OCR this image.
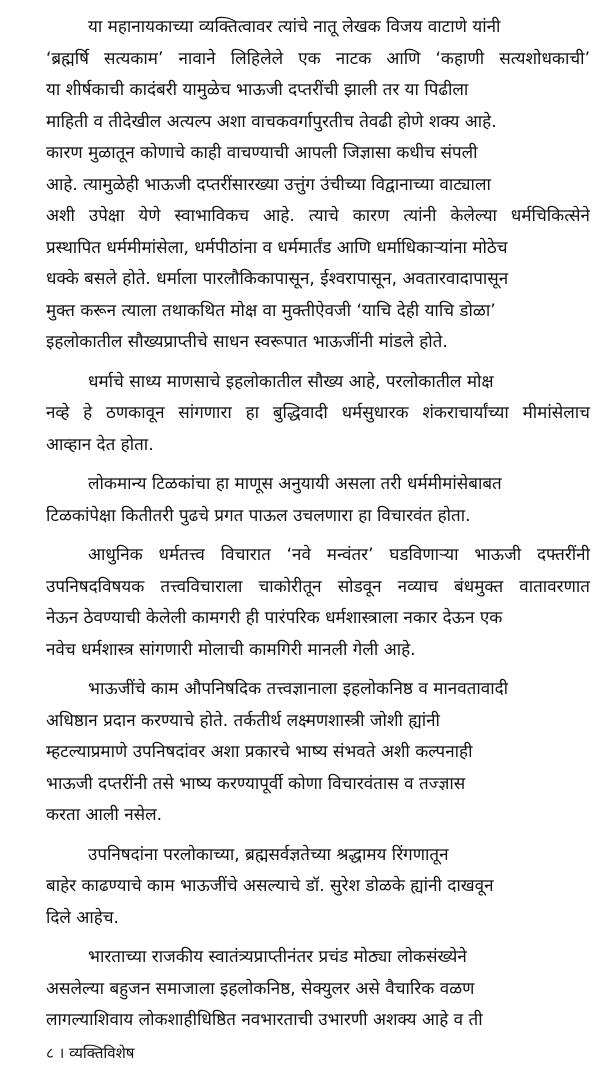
या महानायकाच्या व्यक्तित्वावर त्यांचे नातू लेखक विजय वाटाणे यांनी
‘ब्रह्मर्षि सत्यकाम’ नावाने लिहिलेले एक नाटक आणि ‘कहाणी सत्यशोधकाची’
या शीर्षकाची कादंबरी यामुळेच भाऊजी दप्तरींची झाली तर या पिढीला
माहिती व तीदेखील अत्यल्प अशा वाचकवर्गापुरतीच तेवढी होणे शक्य आहे.
कारण मुळातून कोणाचे काही वाचण्याची आपली जिज्ञासा कधीच संपली
आहे. त्यामुळेही भाऊजी दप्तरींसारख्या उत्तुंग उंचीच्या विद्वानाच्या वाट्याला
अशी उपेक्षा येणे स्वाभाविकच आहे. त्याचे कारण त्यांनी केलेल्या धर्मचिकित्सेने
प्रस्थापित धर्ममीमांसेला, धर्मपीठांना व धर्ममार्तंड आणि धर्माधिकाऱ्यांना मोठेच
धक्के बसले होते. धर्माला पारलौकिकापासून, ईश्वरापासून, अवतारवादापासून
मुक्त करून त्याला तथाकथित मोक्ष वा मुक्तीऐवजी ‘याचि देही याचि डोळा’
इहलोकातील सौख्यप्राप्तीचे साधन स्वरूपात भाऊजींनी मांडले होते.
धर्माचे साध्य माणसाचे इहलोकातील सौख्य आहे, परलोकातील मोक्ष
नव्हे हे ठणकावून सांगणारा हा बुद्धिवादी धर्मसुधारक शंकराचार्यांच्या मीमांसेलाच
आव्हान देत होता.
लोकमान्य टिळकांचा हा माणूस अनुयायी असला तरी धर्ममीमांसेबाबत
टिळकांपेक्षा कितीतरी पुढचे प्रगत पाऊल उचलणारा हा विचारवंत होता.
आधुनिक धर्मतत्त्व विचारात ‘नवे मन्वंतर’ घडविणाऱ्या भाऊजी दफ्तरींनी
उपनिषदविषयक तत्त्वविचाराला चाकोरीतून सोडवून नव्याच बंधमुक्त वातावरणात
नेऊन ठेवण्याची केलेली कामगरी ही पारंपरिक धर्मशास्त्राला नकार देऊन एक
नवेच धर्मशास्त्र सांगणारी मोलाची कामगिरी मानली गेली आहे.
भाऊजींचे काम औपनिषदिक तत्त्वज्ञानाला इहलोकनिष्ठ व मानवतावादी
अधिष्ठान प्रदान करण्याचे होते. तर्कतीर्थ लक्ष्मणशास्त्री जोशी ह्यांनी
म्हटल्याप्रमाणे उपनिषदांवर अशा प्रकारचे भाष्य संभवते अशी कल्पनाही
भाऊजी दप्तरींनी तसे भाष्य करण्यापूर्वी कोणा विचारवंतास व तज्ज्ञास
करता आली नसेल.
उपनिषदांना परलोकाच्या, ब्रह्मसर्वज्ञतेच्या श्रद्धामय रिंगणातून
बाहेर काढण्याचे काम भाऊजींचे असल्याचे डॉ. सुरेश डोळके ह्यांनी दाखवून
दिले आहेच.
भारताच्या राजकीय स्वातंत्र्यप्राप्तीनंतर प्रचंड मोठ्या लोकसंख्येने
असलेल्या बहुजन समाजाला इहलोकनिष्ठ, सेक्युलर असे वैचारिक वळण
लागल्याशिवाय लोकशाहीधिष्ठित नवभारताची उभारणी अशक्य आहे व ती
८ । व्यक्तिविशेष
